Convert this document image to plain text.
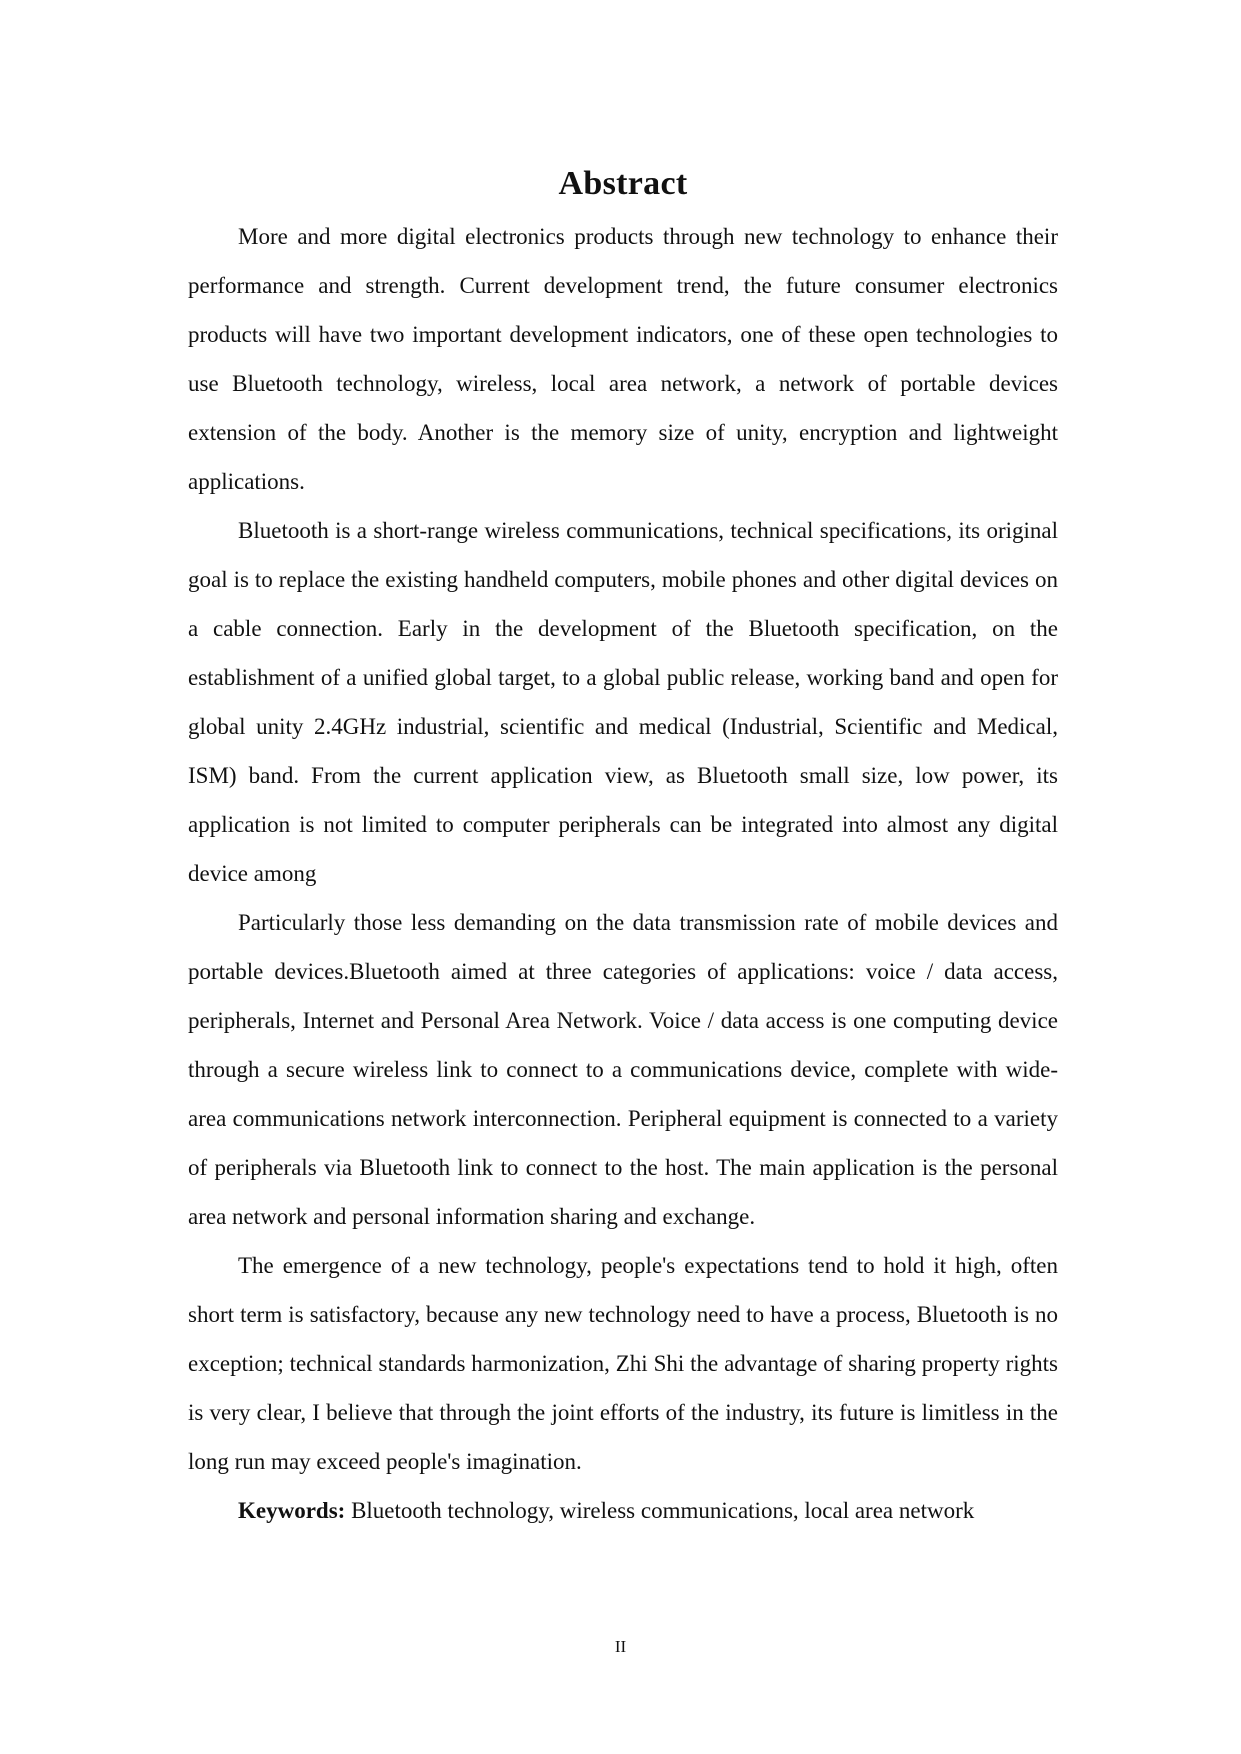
Abstract

More and more digital electronics products through new technology to enhance their performance and strength. Current development trend, the future consumer electronics products will have two important development indicators, one of these open technologies to use Bluetooth technology, wireless, local area network, a network of portable devices extension of the body. Another is the memory size of unity, encryption and lightweight applications.

Bluetooth is a short-range wireless communications, technical specifications, its original goal is to replace the existing handheld computers, mobile phones and other digital devices on a cable connection. Early in the development of the Bluetooth specification, on the establishment of a unified global target, to a global public release, working band and open for global unity 2.4GHz industrial, scientific and medical (Industrial, Scientific and Medical, ISM) band. From the current application view, as Bluetooth small size, low power, its application is not limited to computer peripherals can be integrated into almost any digital device among

Particularly those less demanding on the data transmission rate of mobile devices and portable devices.Bluetooth aimed at three categories of applications: voice / data access, peripherals, Internet and Personal Area Network. Voice / data access is one computing device through a secure wireless link to connect to a communications device, complete with wide-area communications network interconnection. Peripheral equipment is connected to a variety of peripherals via Bluetooth link to connect to the host. The main application is the personal area network and personal information sharing and exchange.

The emergence of a new technology, people's expectations tend to hold it high, often short term is satisfactory, because any new technology need to have a process, Bluetooth is no exception; technical standards harmonization, Zhi Shi the advantage of sharing property rights is very clear, I believe that through the joint efforts of the industry, its future is limitless in the long run may exceed people's imagination.

Keywords: Bluetooth technology, wireless communications, local area network

II
